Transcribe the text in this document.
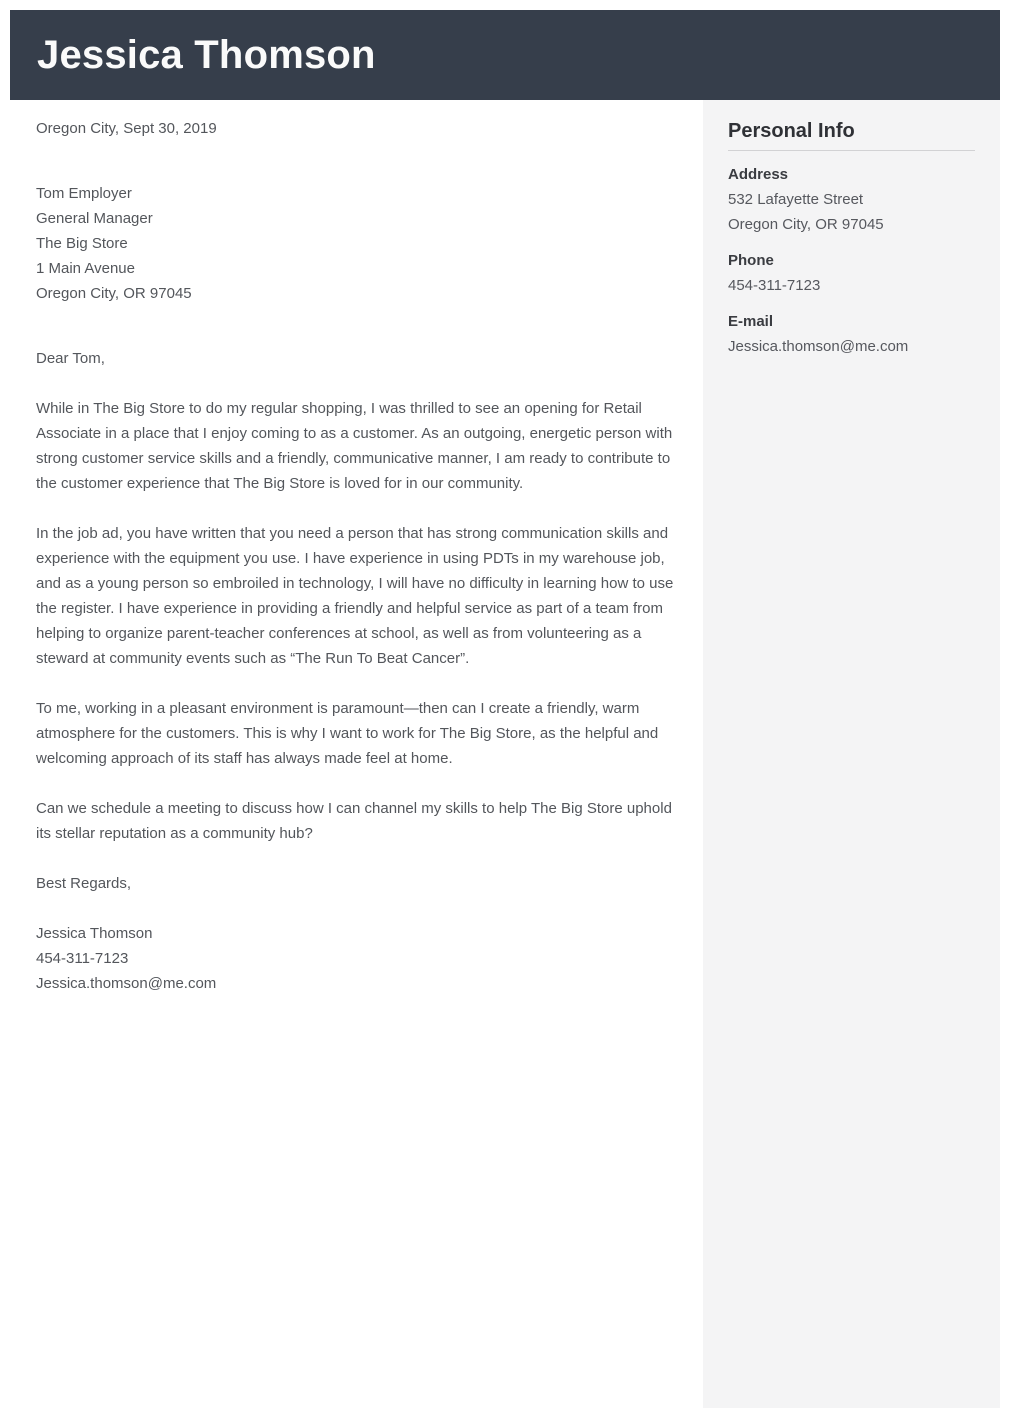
Jessica Thomson

Oregon City, Sept 30, 2019

Tom Employer
General Manager
The Big Store
1 Main Avenue
Oregon City, OR 97045

Dear Tom,

While in The Big Store to do my regular shopping, I was thrilled to see an opening for Retail Associate in a place that I enjoy coming to as a customer. As an outgoing, energetic person with strong customer service skills and a friendly, communicative manner, I am ready to contribute to the customer experience that The Big Store is loved for in our community.

In the job ad, you have written that you need a person that has strong communication skills and experience with the equipment you use. I have experience in using PDTs in my warehouse job, and as a young person so embroiled in technology, I will have no difficulty in learning how to use the register. I have experience in providing a friendly and helpful service as part of a team from helping to organize parent-teacher conferences at school, as well as from volunteering as a steward at community events such as “The Run To Beat Cancer”.

To me, working in a pleasant environment is paramount—then can I create a friendly, warm atmosphere for the customers. This is why I want to work for The Big Store, as the helpful and welcoming approach of its staff has always made feel at home.

Can we schedule a meeting to discuss how I can channel my skills to help The Big Store uphold its stellar reputation as a community hub?

Best Regards,

Jessica Thomson
454-311-7123
Jessica.thomson@me.com
Personal Info
Address
532 Lafayette Street
Oregon City, OR 97045
Phone
454-311-7123
E-mail
Jessica.thomson@me.com
